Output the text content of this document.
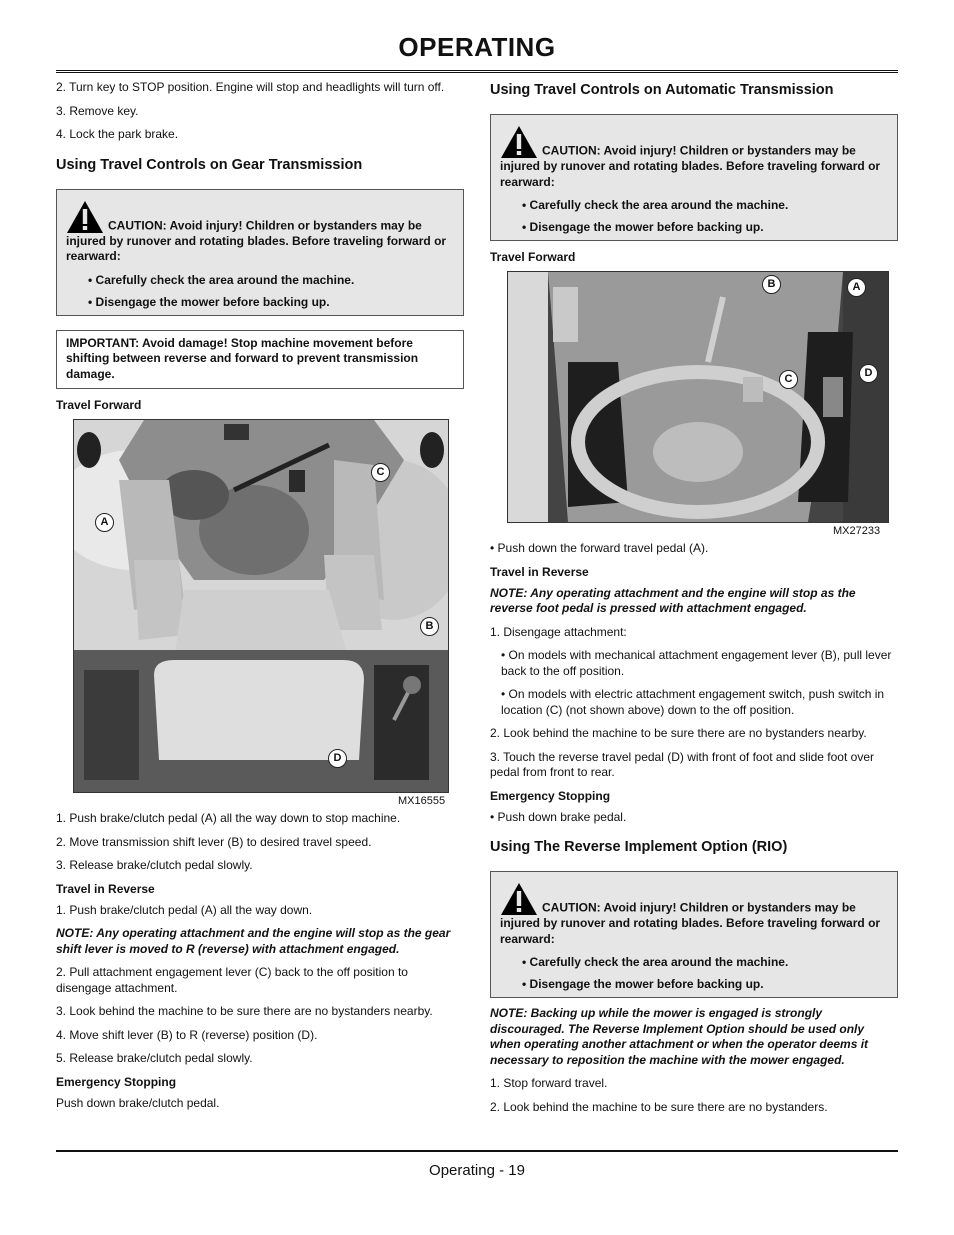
OPERATING

2. Turn key to STOP position. Engine will stop and headlights will turn off.

3. Remove key.

4. Lock the park brake.

Using Travel Controls on Gear Transmission
CAUTION: Avoid injury! Children or bystanders may be injured by runover and rotating blades. Before traveling forward or rearward:
• Carefully check the area around the machine.
• Disengage the mower before backing up.
IMPORTANT: Avoid damage! Stop machine movement before shifting between reverse and forward to prevent transmission damage.
Travel Forward
A
B
C
D
MX16555

1. Push brake/clutch pedal (A) all the way down to stop machine.

2. Move transmission shift lever (B) to desired travel speed.

3. Release brake/clutch pedal slowly.

Travel in Reverse

1. Push brake/clutch pedal (A) all the way down.

NOTE: Any operating attachment and the engine will stop as the gear shift lever is moved to R (reverse) with attachment engaged.

2. Pull attachment engagement lever (C) back to the off position to disengage attachment.

3. Look behind the machine to be sure there are no bystanders nearby.

4. Move shift lever (B) to R (reverse) position (D).

5. Release brake/clutch pedal slowly.

Emergency Stopping

Push down brake/clutch pedal.

Using Travel Controls on Automatic Transmission
CAUTION: Avoid injury! Children or bystanders may be injured by runover and rotating blades. Before traveling forward or rearward:
• Carefully check the area around the machine.
• Disengage the mower before backing up.
Travel Forward
B	A
C	D
MX27233

• Push down the forward travel pedal (A).

Travel in Reverse
NOTE: Any operating attachment and the engine will stop as the reverse foot pedal is pressed with attachment engaged.

1. Disengage attachment:

• On models with mechanical attachment engagement lever (B), pull lever back to the off position.

• On models with electric attachment engagement switch, push switch in location (C) (not shown above) down to the off position.

2. Look behind the machine to be sure there are no bystanders nearby.

3. Touch the reverse travel pedal (D) with front of foot and slide foot over pedal from front to rear.

Emergency Stopping

• Push down brake pedal.

Using The Reverse Implement Option (RIO)
CAUTION: Avoid injury! Children or bystanders may be injured by runover and rotating blades. Before traveling forward or rearward:
• Carefully check the area around the machine.
• Disengage the mower before backing up.
NOTE: Backing up while the mower is engaged is strongly discouraged. The Reverse Implement Option should be used only when operating another attachment or when the operator deems it necessary to reposition the machine with the mower engaged.

1. Stop forward travel.

2. Look behind the machine to be sure there are no bystanders.

Operating - 19
